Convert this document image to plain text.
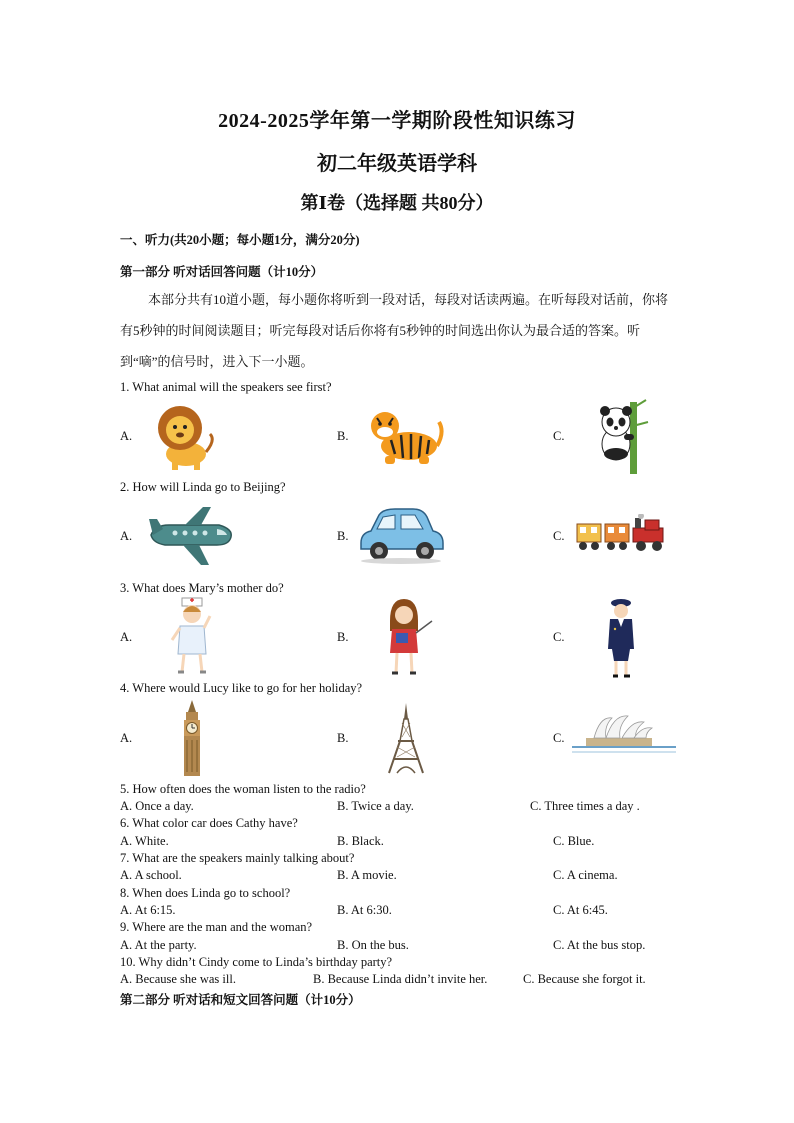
2024-2025学年第一学期阶段性知识练习
初二年级英语学科
第Ⅰ卷（选择题 共80分）
一、听力(共20小题；每小题1分，满分20分)
第一部分 听对话回答问题（计10分）

本部分共有10道小题，每小题你将听到一段对话，每段对话读两遍。在听每段对话前，你将有5秒钟的时间阅读题目；听完每段对话后你将有5秒钟的时间选出你认为最合适的答案。听到“嘀”的信号时，进入下一小题。

1. What animal will the speakers see first?
A.	B.	C.
2. How will Linda go to Beijing?
A.	B.	C.
3. What does Mary’s mother do?
A.	B.	C.
4. Where would Lucy like to go for her holiday?
A.	B.	C.
5. How often does the woman listen to the radio?
A. Once a day.	B. Twice a day.	C. Three times a day .
6. What color car does Cathy have?
A. White.	B. Black.	C. Blue.
7. What are the speakers mainly talking about?
A. A school.	B. A movie.	C. A cinema.
8. When does Linda go to school?
A. At 6:15.	B. At 6:30.	C. At 6:45.
9. Where are the man and the woman?
A. At the party.	B. On the bus.	C. At the bus stop.
10. Why didn’t Cindy come to Linda’s birthday party?
A. Because she was ill.	B. Because Linda didn’t invite her.	C. Because she forgot it.
第二部分 听对话和短文回答问题（计10分）
